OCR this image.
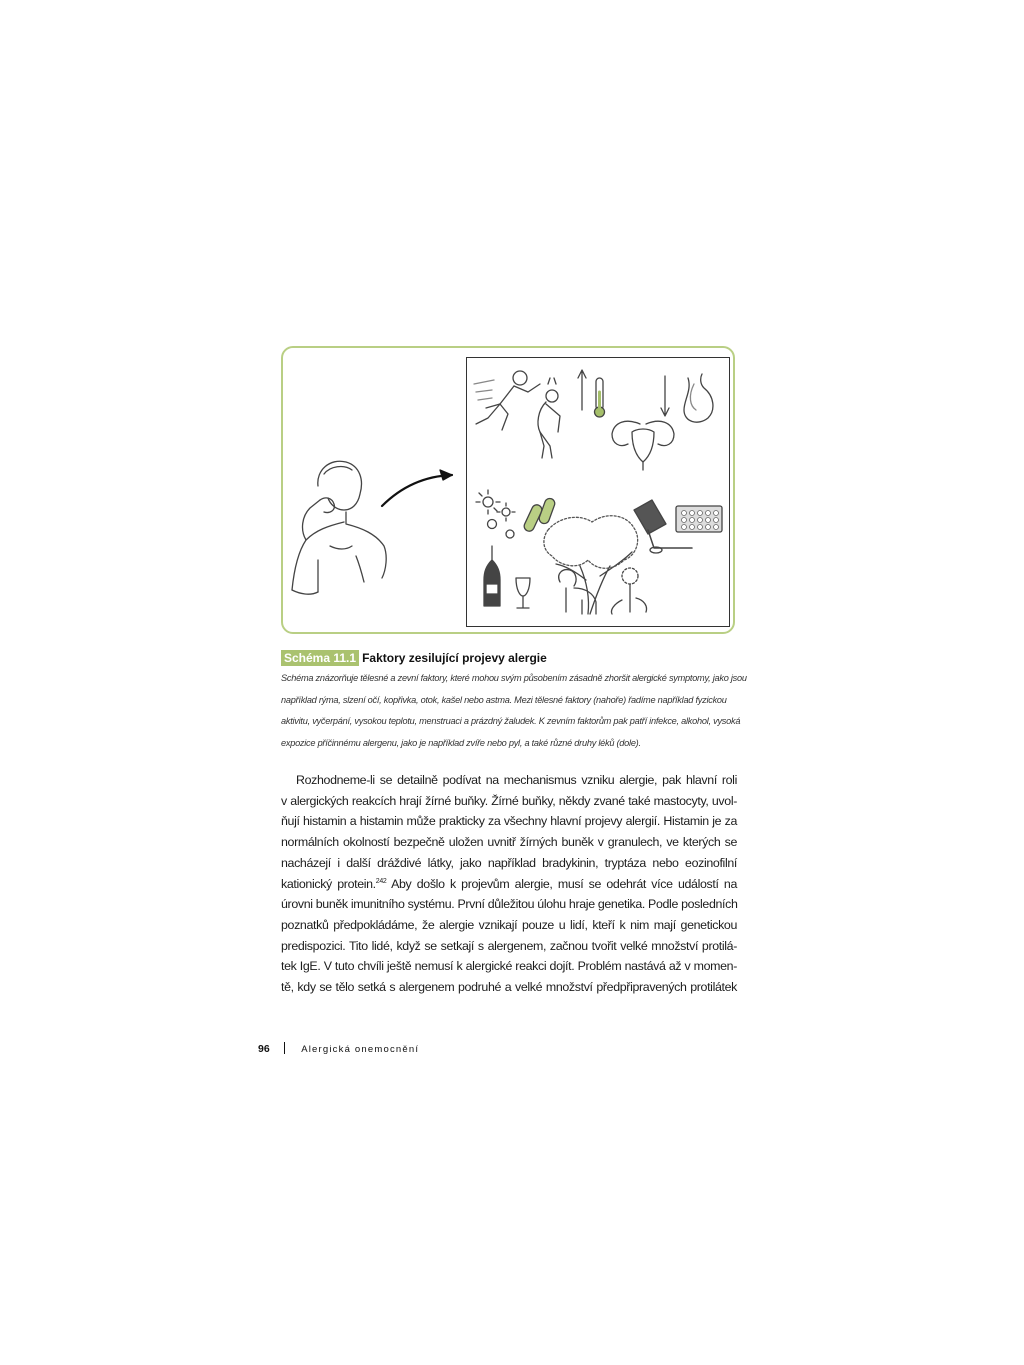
Schéma 11.1 Faktory zesilující projevy alergie
Schéma znázorňuje tělesné a zevní faktory, které mohou svým působením zásadně zhoršit alergické symptomy, jako jsou
například rýma, slzení očí, kopřivka, otok, kašel nebo astma. Mezi tělesné faktory (nahoře) řadíme například fyzickou
aktivitu, vyčerpání, vysokou teplotu, menstruaci a prázdný žaludek. K zevním faktorům pak patří infekce, alkohol, vysoká
expozice příčinnému alergenu, jako je například zvíře nebo pyl, a také různé druhy léků (dole).
Rozhodneme-li se detailně podívat na mechanismus vzniku alergie, pak hlavní roli
v alergických reakcích hrají žírné buňky. Žírné buňky, někdy zvané také mastocyty, uvol-
ňují histamin a histamin může prakticky za všechny hlavní projevy alergií. Histamin je za
normálních okolností bezpečně uložen uvnitř žírných buněk v granulech, ve kterých se
nacházejí i další dráždivé látky, jako například bradykinin, tryptáza nebo eozinofilní
kationický protein.$^{242}$ Aby došlo k projevům alergie, musí se odehrát více událostí na
úrovni buněk imunitního systému. První důležitou úlohu hraje genetika. Podle posledních
poznatků předpokládáme, že alergie vznikají pouze u lidí, kteří k nim mají genetickou
predispozici. Tito lidé, když se setkají s alergenem, začnou tvořit velké množství protilá-
tek IgE. V tuto chvíli ještě nemusí k alergické reakci dojít. Problém nastává až v momen-
tě, kdy se tělo setká s alergenem podruhé a velké množství předpřipravených protilátek
96	Alergická onemocnění
